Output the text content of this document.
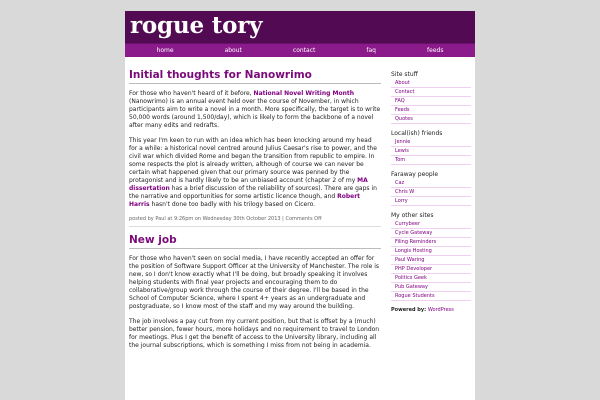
rogue tory
home	about	contact	faq	feeds
Initial thoughts for Nanowrimo

For those who haven't heard of it before, National Novel Writing Month (Nanowrimo) is an annual event held over the course of November, in which participants aim to write a novel in a month. More specifically, the target is to write 50,000 words (around 1,500/day), which is likely to form the backbone of a novel after many edits and redrafts.

This year I'm keen to run with an idea which has been knocking around my head for a while: a historical novel centred around Julius Caesar's rise to power, and the civil war which divided Rome and began the transition from republic to empire. In some respects the plot is already written, although of course we can never be certain what happened given that our primary source was penned by the protagonist and is hardly likely to be an unbiased account (chapter 2 of my MA dissertation has a brief discussion of the reliability of sources). There are gaps in the narrative and opportunities for some artistic licence though, and Robert Harris hasn't done too badly with his trilogy based on Cicero.

posted by Paul at 9:26pm on Wednesday 30th October 2013 | Comments Off
New job

For those who haven't seen on social media, I have recently accepted an offer for the position of Software Support Officer at the University of Manchester. The role is new, so I don't know exactly what I'll be doing, but broadly speaking it involves helping students with final year projects and encouraging them to do collaborative/group work through the course of their degree. I'll be based in the School of Computer Science, where I spent 4+ years as an undergraduate and postgraduate, so I know most of the staff and my way around the building.

The job involves a pay cut from my current position, but that is offset by a (much) better pension, fewer hours, more holidays and no requirement to travel to London for meetings. Plus I get the benefit of access to the University library, including all the journal subscriptions, which is something I miss from not being in academia.

Site stuff
About
Contact
FAQ
Feeds
Quotes
Local(ish) friends
Jennie
Lewis
Tom
Faraway people
Caz
Chris W
Lorry
My other sites
Currybeer
Cycle Gateway
Filing Reminders
Longis Hosting
Paul Waring
PHP Developer
Politics Geek
Pub Gateway
Rogue Students
Powered by: WordPress
